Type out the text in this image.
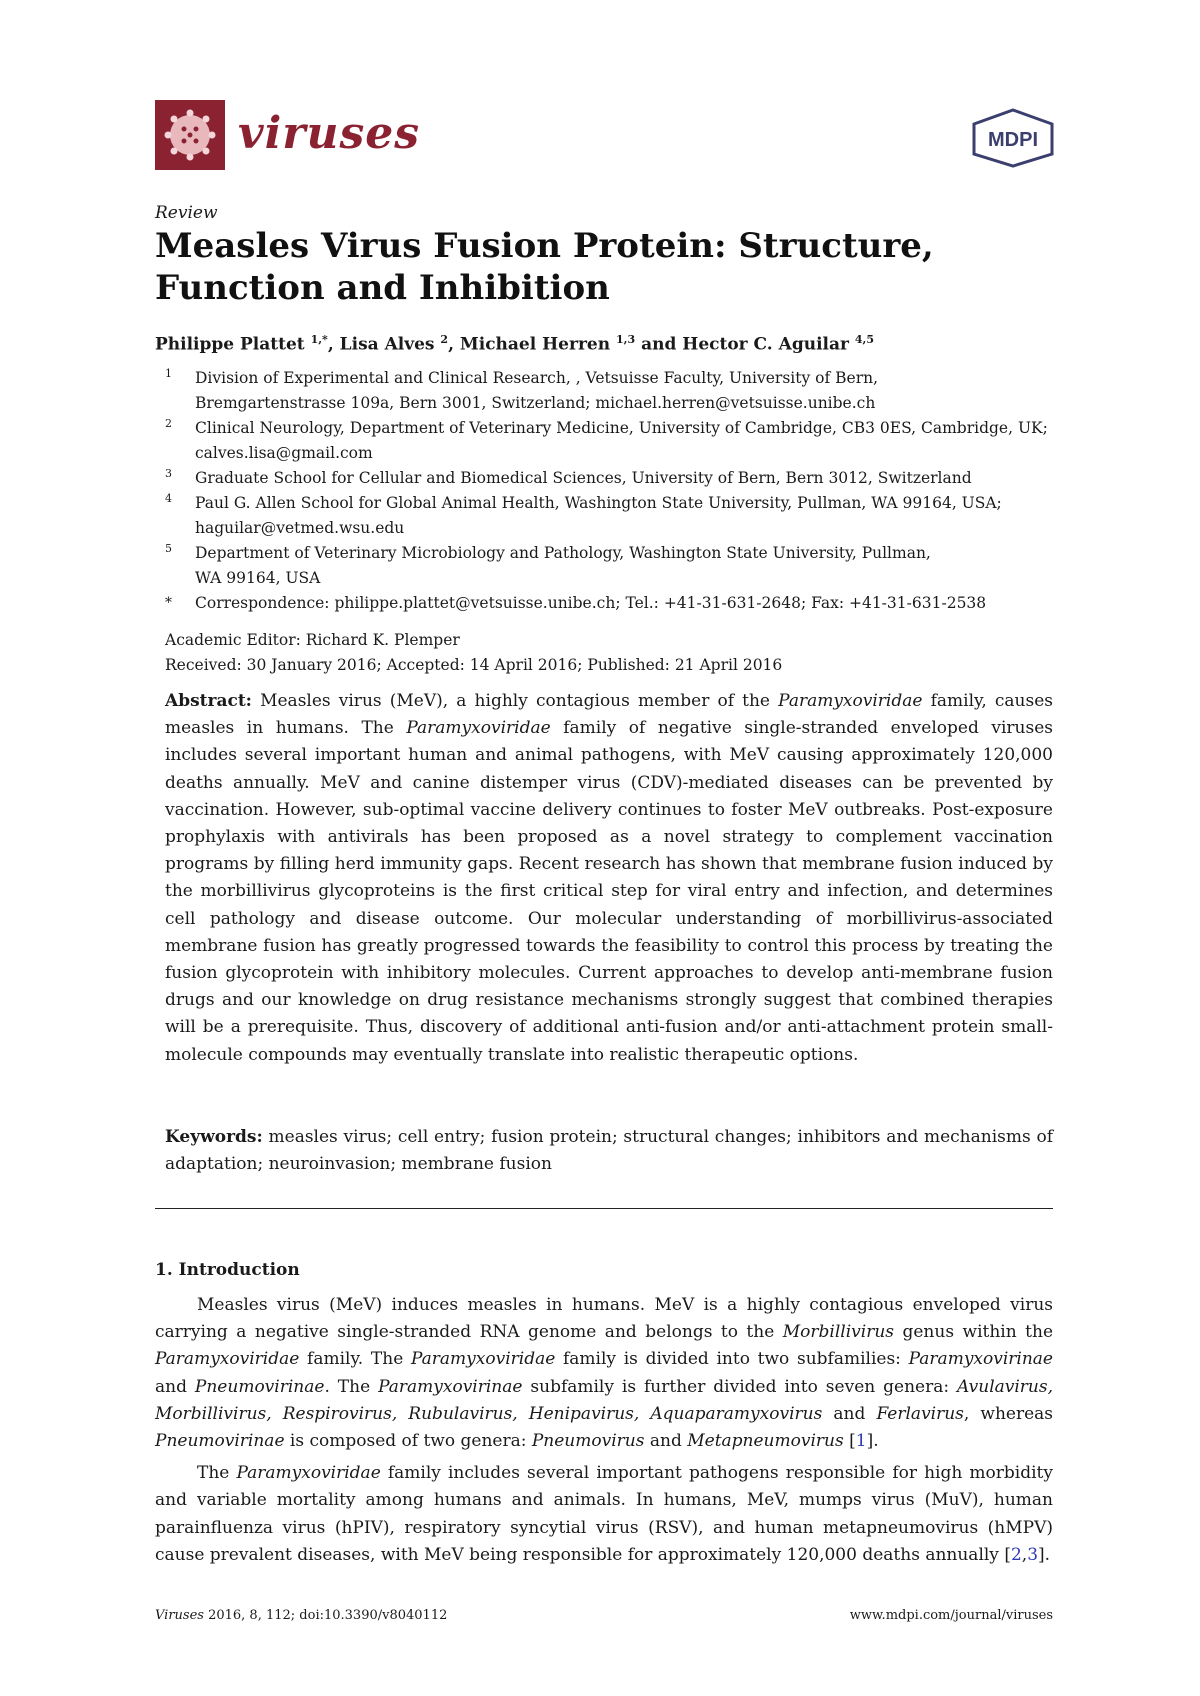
viruses	MDPI
Review
Measles Virus Fusion Protein: Structure, Function and Inhibition
Philippe Plattet $^{1,*}$, Lisa Alves $^2$, Michael Herren $^{1,3}$ and Hector C. Aguilar $^{4,5}$
1 Division of Experimental and Clinical Research, , Vetsuisse Faculty, University of Bern,
Bremgartenstrasse 109a, Bern 3001, Switzerland; michael.herren@vetsuisse.unibe.ch
2 Clinical Neurology, Department of Veterinary Medicine, University of Cambridge, CB3 0ES, Cambridge, UK;
calves.lisa@gmail.com
3 Graduate School for Cellular and Biomedical Sciences, University of Bern, Bern 3012, Switzerland
4 Paul G. Allen School for Global Animal Health, Washington State University, Pullman, WA 99164, USA;
haguilar@vetmed.wsu.edu
5 Department of Veterinary Microbiology and Pathology, Washington State University, Pullman,
WA 99164, USA
* Correspondence: philippe.plattet@vetsuisse.unibe.ch; Tel.: +41-31-631-2648; Fax: +41-31-631-2538
Academic Editor: Richard K. Plemper
Received: 30 January 2016; Accepted: 14 April 2016; Published: 21 April 2016
Abstract: Measles virus (MeV), a highly contagious member of the Paramyxoviridae family, causes measles in humans. The Paramyxoviridae family of negative single-stranded enveloped viruses includes several important human and animal pathogens, with MeV causing approximately 120,000 deaths annually. MeV and canine distemper virus (CDV)-mediated diseases can be prevented by vaccination. However, sub-optimal vaccine delivery continues to foster MeV outbreaks. Post-exposure prophylaxis with antivirals has been proposed as a novel strategy to complement vaccination programs by filling herd immunity gaps. Recent research has shown that membrane fusion induced by the morbillivirus glycoproteins is the first critical step for viral entry and infection, and determines cell pathology and disease outcome. Our molecular understanding of morbillivirus-associated membrane fusion has greatly progressed towards the feasibility to control this process by treating the fusion glycoprotein with inhibitory molecules. Current approaches to develop anti-membrane fusion drugs and our knowledge on drug resistance mechanisms strongly suggest that combined therapies will be a prerequisite. Thus, discovery of additional anti-fusion and/or anti-attachment protein small-molecule compounds may eventually translate into realistic therapeutic options.
Keywords: measles virus; cell entry; fusion protein; structural changes; inhibitors and mechanisms of adaptation; neuroinvasion; membrane fusion
1. Introduction

Measles virus (MeV) induces measles in humans. MeV is a highly contagious enveloped virus carrying a negative single-stranded RNA genome and belongs to the Morbillivirus genus within the Paramyxoviridae family. The Paramyxoviridae family is divided into two subfamilies: Paramyxovirinae and Pneumovirinae. The Paramyxovirinae subfamily is further divided into seven genera: Avulavirus, Morbillivirus, Respirovirus, Rubulavirus, Henipavirus, Aquaparamyxovirus and Ferlavirus, whereas Pneumovirinae is composed of two genera: Pneumovirus and Metapneumovirus [1].

The Paramyxoviridae family includes several important pathogens responsible for high morbidity and variable mortality among humans and animals. In humans, MeV, mumps virus (MuV), human parainfluenza virus (hPIV), respiratory syncytial virus (RSV), and human metapneumovirus (hMPV) cause prevalent diseases, with MeV being responsible for approximately 120,000 deaths annually [2,3].

Viruses 2016, 8, 112; doi:10.3390/v8040112	www.mdpi.com/journal/viruses
